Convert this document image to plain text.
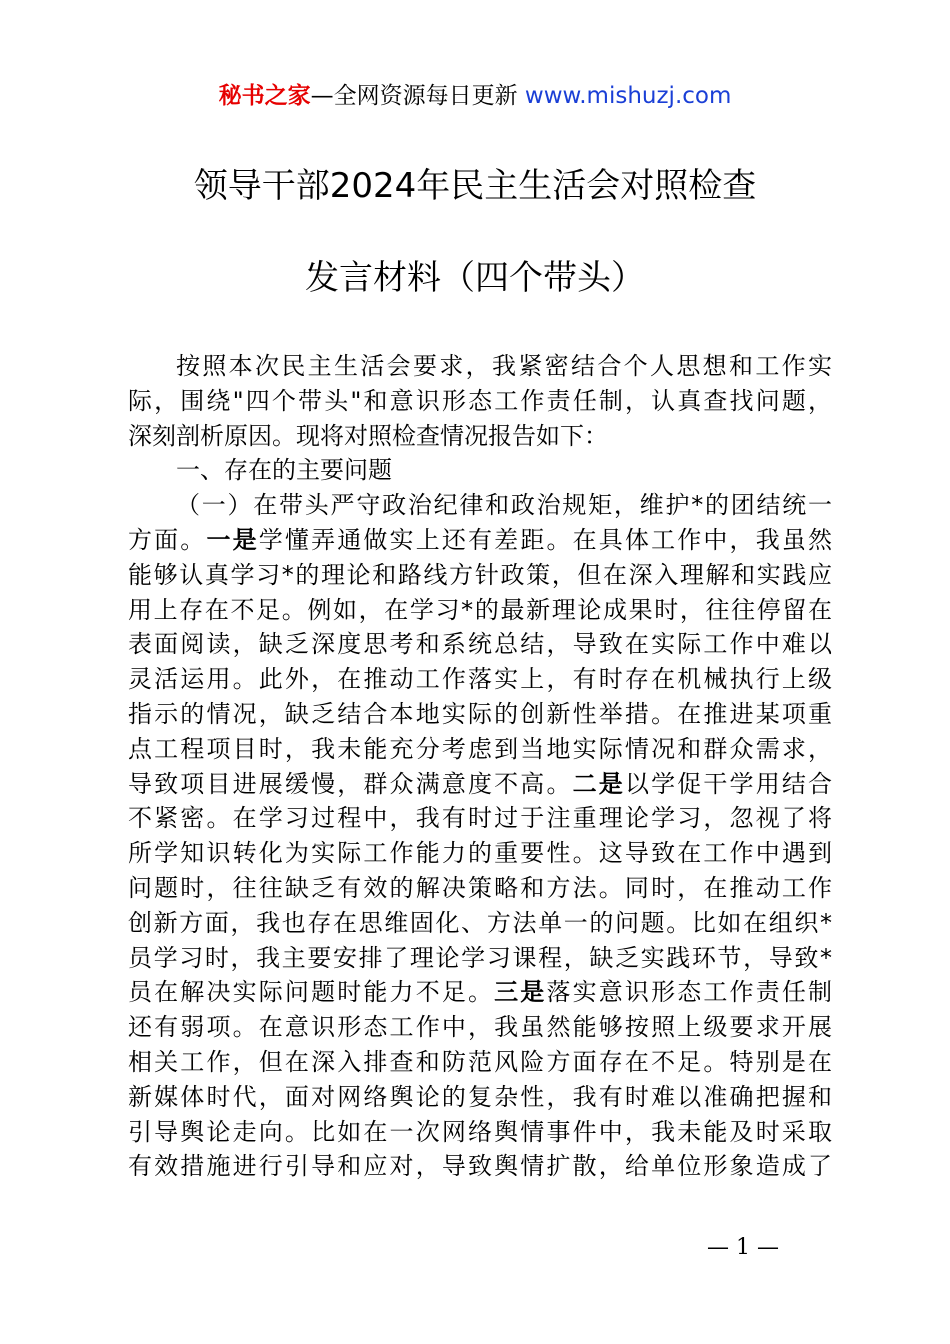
秘书之家—全网资源每日更新 www.mishuzj.com
领导干部2024年民主生活会对照检查
发言材料（四个带头）
按照本次民主生活会要求，我紧密结合个人思想和工作实
际，围绕"四个带头"和意识形态工作责任制，认真查找问题，
深刻剖析原因。现将对照检查情况报告如下：
一、存在的主要问题
（一）在带头严守政治纪律和政治规矩，维护*的团结统一
方面。一是学懂弄通做实上还有差距。在具体工作中，我虽然
能够认真学习*的理论和路线方针政策，但在深入理解和实践应
用上存在不足。例如，在学习*的最新理论成果时，往往停留在
表面阅读，缺乏深度思考和系统总结，导致在实际工作中难以
灵活运用。此外，在推动工作落实上，有时存在机械执行上级
指示的情况，缺乏结合本地实际的创新性举措。在推进某项重
点工程项目时，我未能充分考虑到当地实际情况和群众需求，
导致项目进展缓慢，群众满意度不高。二是以学促干学用结合
不紧密。在学习过程中，我有时过于注重理论学习，忽视了将
所学知识转化为实际工作能力的重要性。这导致在工作中遇到
问题时，往往缺乏有效的解决策略和方法。同时，在推动工作
创新方面，我也存在思维固化、方法单一的问题。比如在组织*
员学习时，我主要安排了理论学习课程，缺乏实践环节，导致*
员在解决实际问题时能力不足。三是落实意识形态工作责任制
还有弱项。在意识形态工作中，我虽然能够按照上级要求开展
相关工作，但在深入排查和防范风险方面存在不足。特别是在
新媒体时代，面对网络舆论的复杂性，我有时难以准确把握和
引导舆论走向。比如在一次网络舆情事件中，我未能及时采取
有效措施进行引导和应对，导致舆情扩散，给单位形象造成了
— 1 —
